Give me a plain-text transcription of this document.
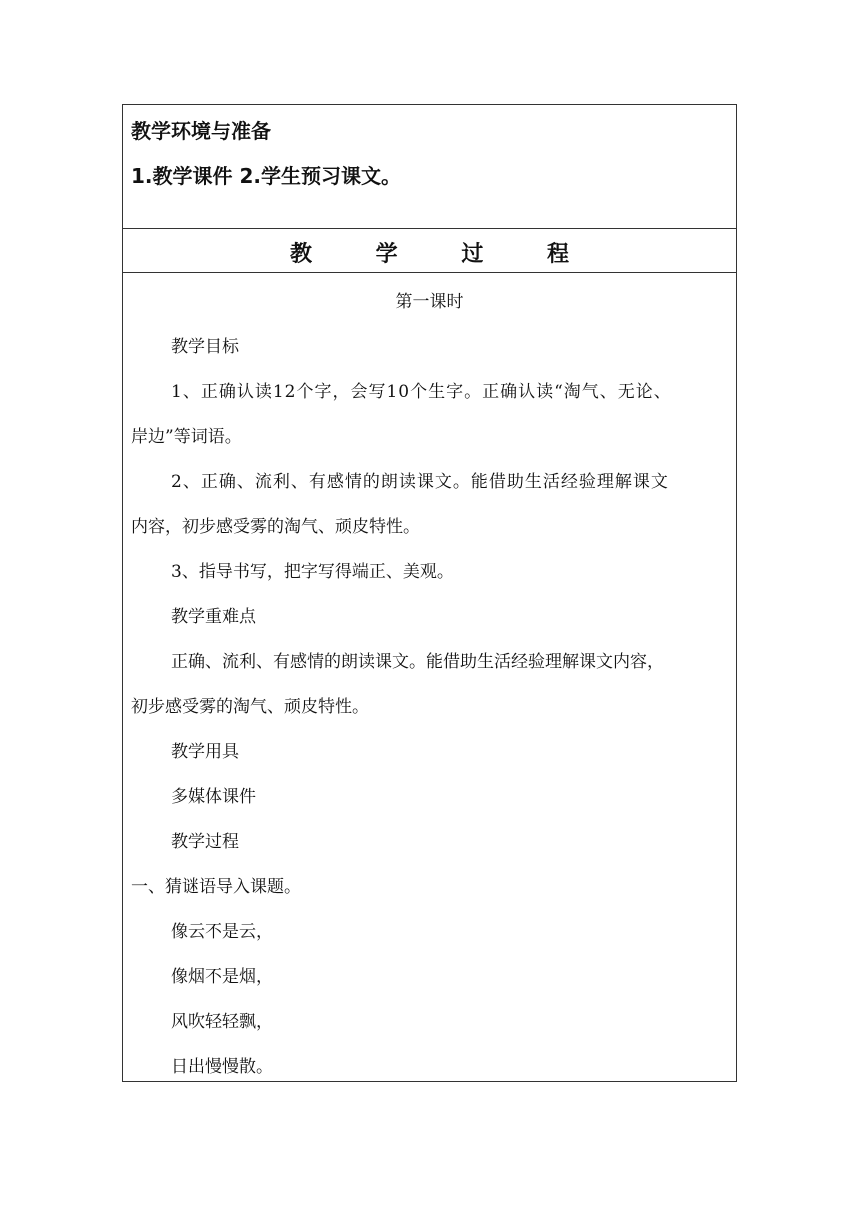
教学环境与准备
1.教学课件 2.学生预习课文。
教 学 过 程
第一课时
教学目标
1、正确认读12个字，会写10个生字。正确认读“淘气、无论、
岸边”等词语。
2、正确、流利、有感情的朗读课文。能借助生活经验理解课文
内容，初步感受雾的淘气、顽皮特性。
3、指导书写，把字写得端正、美观。
教学重难点
正确、流利、有感情的朗读课文。能借助生活经验理解课文内容，
初步感受雾的淘气、顽皮特性。
教学用具
多媒体课件
教学过程
一、猜谜语导入课题。
像云不是云，
像烟不是烟，
风吹轻轻飘，
日出慢慢散。
